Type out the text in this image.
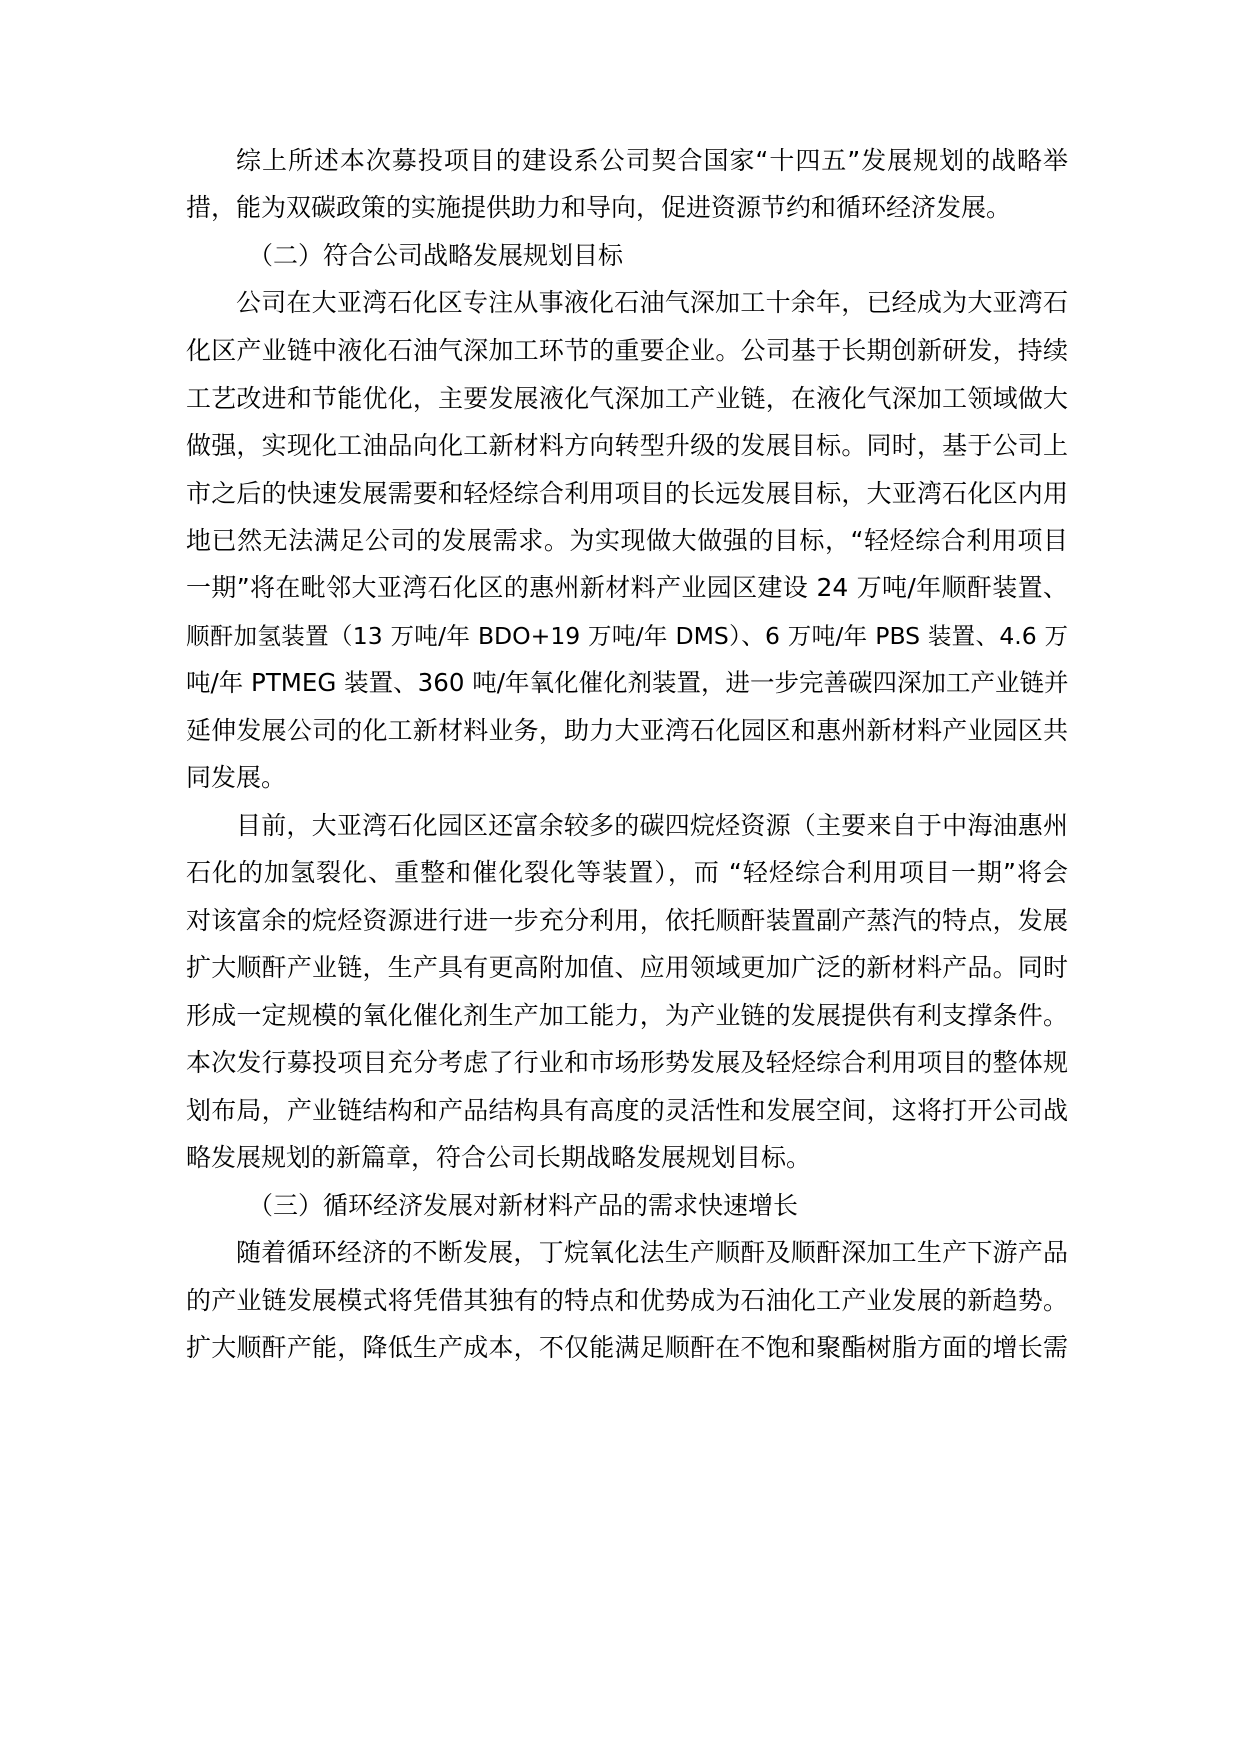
综上所述本次募投项目的建设系公司契合国家“十四五”发展规划的战略举
措，能为双碳政策的实施提供助力和导向，促进资源节约和循环经济发展。
（二）符合公司战略发展规划目标
公司在大亚湾石化区专注从事液化石油气深加工十余年，已经成为大亚湾石
化区产业链中液化石油气深加工环节的重要企业。公司基于长期创新研发，持续
工艺改进和节能优化，主要发展液化气深加工产业链，在液化气深加工领域做大
做强，实现化工油品向化工新材料方向转型升级的发展目标。同时，基于公司上
市之后的快速发展需要和轻烃综合利用项目的长远发展目标，大亚湾石化区内用
地已然无法满足公司的发展需求。为实现做大做强的目标，“轻烃综合利用项目
一期”将在毗邻大亚湾石化区的惠州新材料产业园区建设 24 万吨/年顺酐装置、
顺酐加氢装置（13 万吨/年 BDO+19 万吨/年 DMS）、6 万吨/年 PBS 装置、4.6 万
吨/年 PTMEG 装置、360 吨/年氧化催化剂装置，进一步完善碳四深加工产业链并
延伸发展公司的化工新材料业务，助力大亚湾石化园区和惠州新材料产业园区共
同发展。
目前，大亚湾石化园区还富余较多的碳四烷烃资源（主要来自于中海油惠州
石化的加氢裂化、重整和催化裂化等装置），而 “轻烃综合利用项目一期”将会
对该富余的烷烃资源进行进一步充分利用，依托顺酐装置副产蒸汽的特点，发展
扩大顺酐产业链，生产具有更高附加值、应用领域更加广泛的新材料产品。同时
形成一定规模的氧化催化剂生产加工能力，为产业链的发展提供有利支撑条件。
本次发行募投项目充分考虑了行业和市场形势发展及轻烃综合利用项目的整体规
划布局，产业链结构和产品结构具有高度的灵活性和发展空间，这将打开公司战
略发展规划的新篇章，符合公司长期战略发展规划目标。
（三）循环经济发展对新材料产品的需求快速增长
随着循环经济的不断发展，丁烷氧化法生产顺酐及顺酐深加工生产下游产品
的产业链发展模式将凭借其独有的特点和优势成为石油化工产业发展的新趋势。
扩大顺酐产能，降低生产成本，不仅能满足顺酐在不饱和聚酯树脂方面的增长需
